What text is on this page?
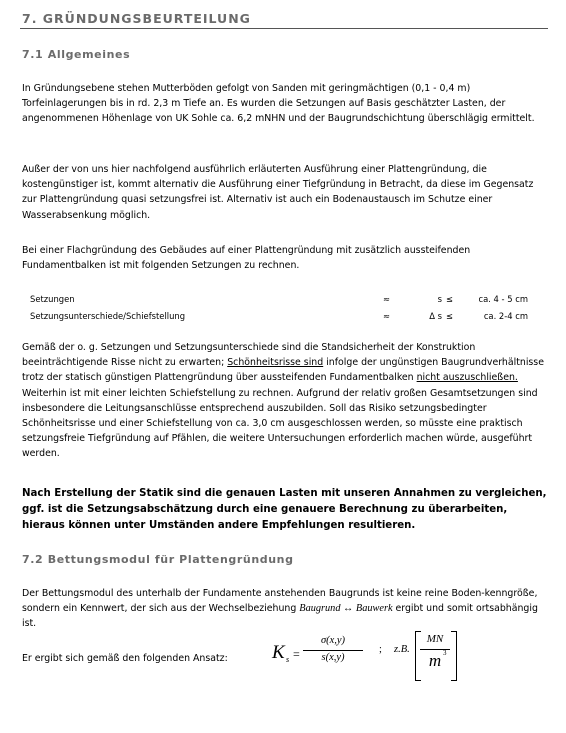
7. GRÜNDUNGSBEURTEILUNG
7.1 Allgemeines
In Gründungsebene stehen Mutterböden gefolgt von Sanden mit geringmächtigen (0,1 - 0,4 m) Torfeinlagerungen bis in rd. 2,3 m Tiefe an. Es wurden die Setzungen auf Basis geschätzter Lasten, der angenommenen Höhenlage von UK Sohle ca. 6,2 mNHN und der Baugrundschichtung überschlägig ermittelt.
Außer der von uns hier nachfolgend ausführlich erläuterten Ausführung einer Plattengründung, die kostengünstiger ist, kommt alternativ die Ausführung einer Tiefgründung in Betracht, da diese im Gegensatz zur Plattengründung quasi setzungsfrei ist. Alternativ ist auch ein Bodenaustausch im Schutze einer Wasserabsenkung möglich.
Bei einer Flachgründung des Gebäudes auf einer Plattengründung mit zusätzlich aussteifenden Fundamentbalken ist mit folgenden Setzungen zu rechnen.
Setzungen	≈	s ≤	ca. 4 - 5 cm
Setzungsunterschiede/Schiefstellung	≈	Δ s ≤	ca. 2-4 cm
Gemäß der o. g. Setzungen und Setzungsunterschiede sind die Standsicherheit der Konstruktion beeinträchtigende Risse nicht zu erwarten; Schönheitsrisse sind infolge der ungünstigen Baugrundverhältnisse trotz der statisch günstigen Plattengründung über aussteifenden Fundamentbalken nicht auszuschließen. Weiterhin ist mit einer leichten Schiefstellung zu rechnen. Aufgrund der relativ großen Gesamtsetzungen sind insbesondere die Leitungsanschlüsse entsprechend auszubilden. Soll das Risiko setzungsbedingter Schönheitsrisse und einer Schiefstellung von ca. 3,0 cm ausgeschlossen werden, so müsste eine praktisch setzungsfreie Tiefgründung auf Pfählen, die weitere Untersuchungen erforderlich machen würde, ausgeführt werden.
Nach Erstellung der Statik sind die genauen Lasten mit unseren Annahmen zu vergleichen, ggf. ist die Setzungsabschätzung durch eine genauere Berechnung zu überarbeiten, hieraus können unter Umständen andere Empfehlungen resultieren.
7.2 Bettungsmodul für Plattengründung
Der Bettungsmodul des unterhalb der Fundamente anstehenden Baugrunds ist keine reine Boden-kenngröße, sondern ein Kennwert, der sich aus der Wechselbeziehung Baugrund ↔ Bauwerk ergibt und somit ortsabhängig ist.
Er ergibt sich gemäß den folgenden Ansatz: K s =
σ(x,y)
s(x,y)
; z.B.
MN
m 3
